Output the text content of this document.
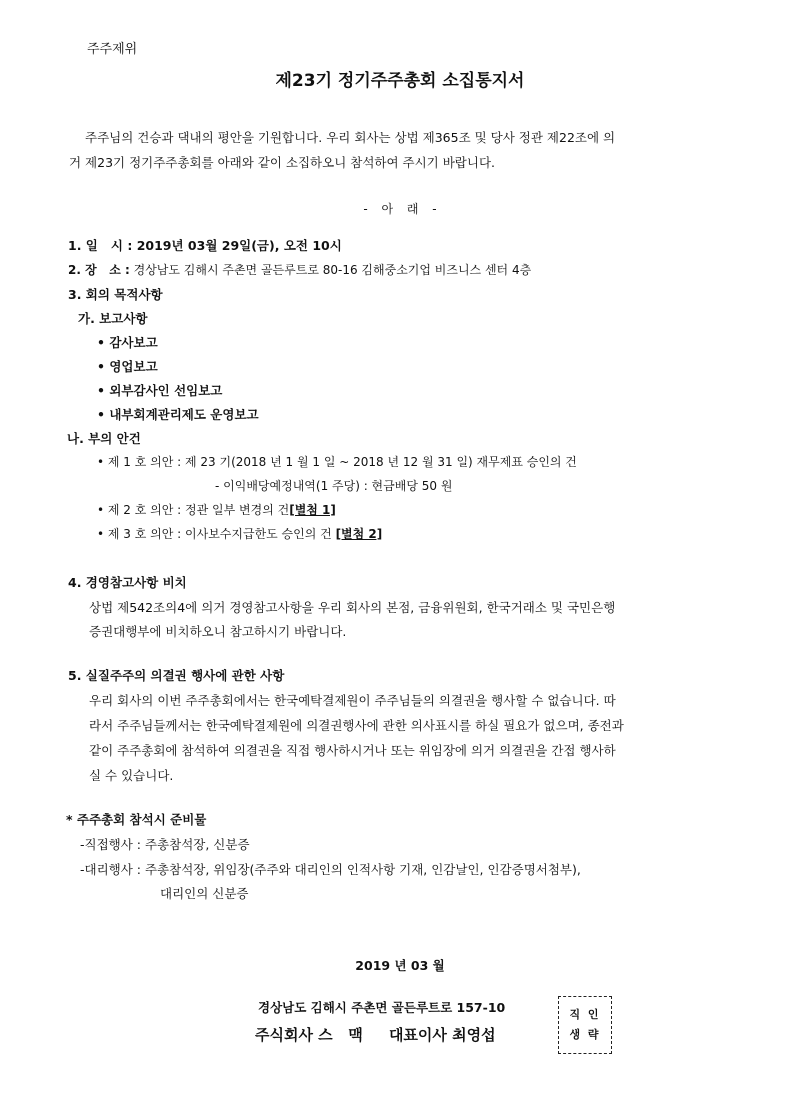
주주제위
제23기 정기주주총회 소집통지서
주주님의 건승과 댁내의 평안을 기원합니다. 우리 회사는 상법 제365조 및 당사 정관 제22조에 의
거 제23기 정기주주총회를 아래와 같이 소집하오니 참석하여 주시기 바랍니다.
- 아 래 -
1. 일   시 : 2019년 03월 29일(금), 오전 10시
2. 장   소 : 경상남도 김해시 주촌면 골든루트로 80-16 김해중소기업 비즈니스 센터 4층
3. 회의 목적사항
가. 보고사항
• 감사보고
• 영업보고
• 외부감사인 선임보고
• 내부회계관리제도 운영보고
나. 부의 안건
• 제 1 호 의안 : 제 23 기(2018 년 1 월 1 일 ~ 2018 년 12 월 31 일) 재무제표 승인의 건
- 이익배당예정내역(1 주당) : 현금배당 50 원
• 제 2 호 의안 : 정관 일부 변경의 건[별첨 1]
• 제 3 호 의안 : 이사보수지급한도 승인의 건 [별첨 2]
4. 경영참고사항 비치
상법 제542조의4에 의거 경영참고사항을 우리 회사의 본점, 금융위원회, 한국거래소 및 국민은행
증권대행부에 비치하오니 참고하시기 바랍니다.
5. 실질주주의 의결권 행사에 관한 사항
우리 회사의 이번 주주총회에서는 한국예탁결제원이 주주님들의 의결권을 행사할 수 없습니다. 따
라서 주주님들께서는 한국예탁결제원에 의결권행사에 관한 의사표시를 하실 필요가 없으며, 종전과
같이 주주총회에 참석하여 의결권을 직접 행사하시거나 또는 위임장에 의거 의결권을 간접 행사하
실 수 있습니다.
* 주주총회 참석시 준비물
-직접행사 : 주총참석장, 신분증
-대리행사 : 주총참석장, 위임장(주주와 대리인의 인적사항 기재, 인감날인, 인감증명서첨부),
대리인의 신분증
2019 년 03 월
경상남도 김해시 주촌면 골든루트로 157-10
주식회사 스   맥     대표이사 최영섭
직 인
생 략
